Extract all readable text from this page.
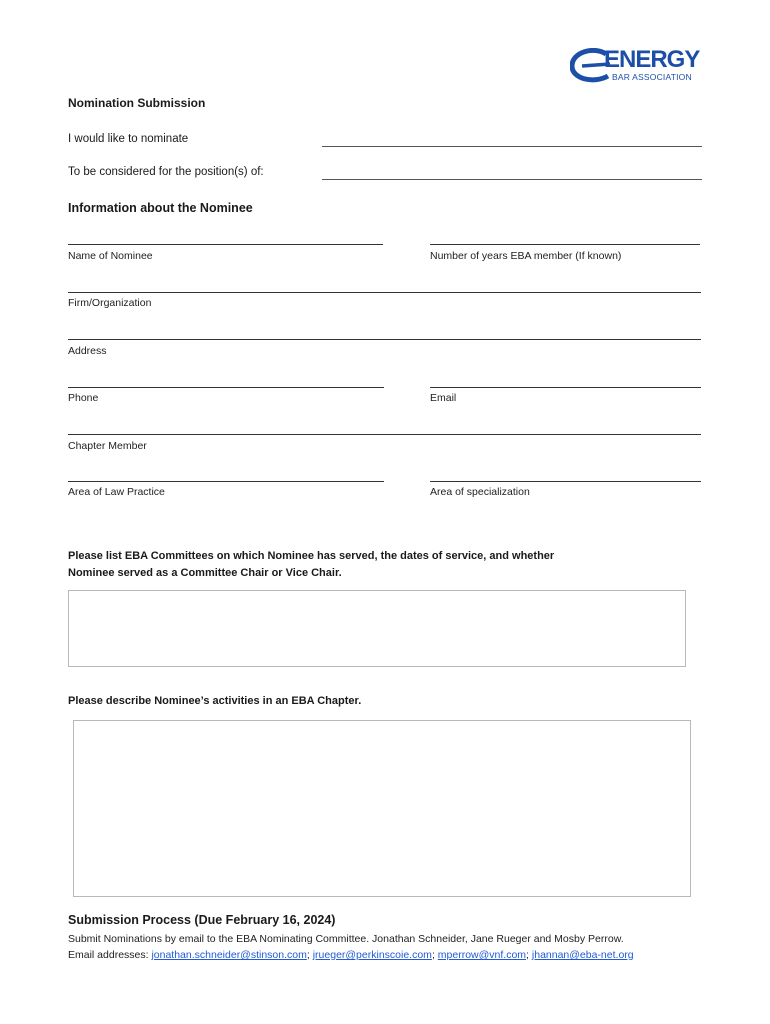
ENERGY
BAR ASSOCIATION
Nomination Submission
I would like to nominate
To be considered for the position(s) of:
Information about the Nominee
Name of Nominee	Number of years EBA member (If known)
Firm/Organization
Address
Phone	Email
Chapter Member
Area of Law Practice	Area of specialization
Please list EBA Committees on which Nominee has served, the dates of service, and whether
Nominee served as a Committee Chair or Vice Chair.
Please describe Nominee’s activities in an EBA Chapter.
Submission Process (Due February 16, 2024)
Submit Nominations by email to the EBA Nominating Committee. Jonathan Schneider, Jane Rueger and Mosby Perrow.
Email addresses: jonathan.schneider@stinson.com; jrueger@perkinscoie.com; mperrow@vnf.com; jhannan@eba-net.org
